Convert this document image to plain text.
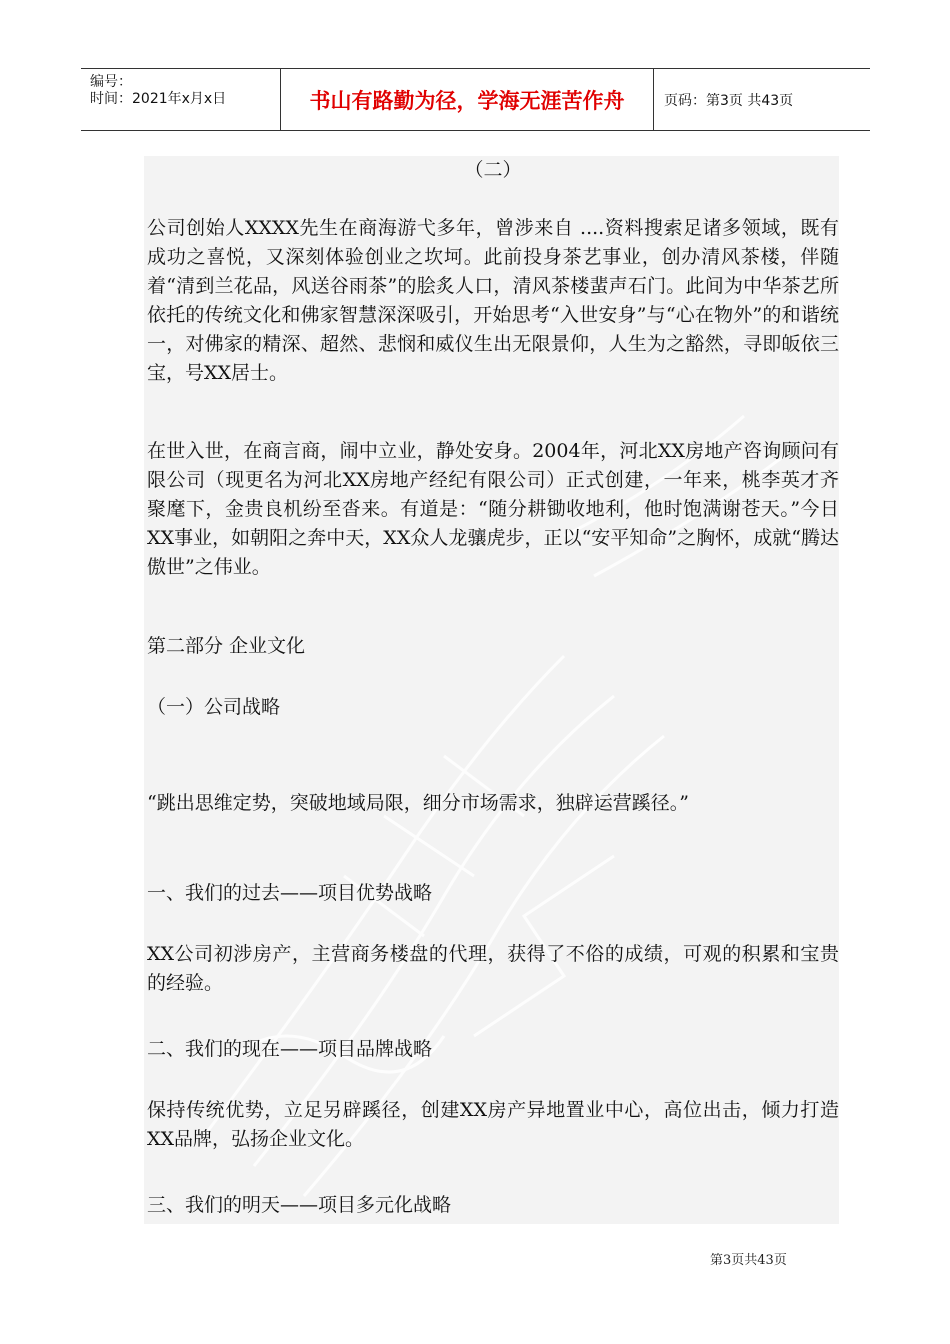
编号：
时间：2021年x月x日	书山有路勤为径，学海无涯苦作舟	页码：第3页 共43页
（二）
公司创始人XXXX先生在商海游弋多年，曾涉来自 ....资料搜索足诸多领域，既有成功之喜悦，又深刻体验创业之坎坷。此前投身茶艺事业，创办清风茶楼，伴随着“清到兰花品，风送谷雨茶”的脍炙人口，清风茶楼蜚声石门。此间为中华茶艺所依托的传统文化和佛家智慧深深吸引，开始思考“入世安身”与“心在物外”的和谐统一，对佛家的精深、超然、悲悯和威仪生出无限景仰，人生为之豁然，寻即皈依三宝，号XX居士。
在世入世，在商言商，闹中立业，静处安身。2004年，河北XX房地产咨询顾问有限公司（现更名为河北XX房地产经纪有限公司）正式创建，一年来，桃李英才齐聚麾下，金贵良机纷至沓来。有道是：“随分耕锄收地利，他时饱满谢苍天。”今日XX事业，如朝阳之奔中天，XX众人龙骧虎步，正以“安平知命”之胸怀，成就“腾达傲世”之伟业。
第二部分 企业文化
（一）公司战略
“跳出思维定势，突破地域局限，细分市场需求，独辟运营蹊径。”
一、我们的过去——项目优势战略
XX公司初涉房产，主营商务楼盘的代理，获得了不俗的成绩，可观的积累和宝贵的经验。
二、我们的现在——项目品牌战略
保持传统优势，立足另辟蹊径，创建XX房产异地置业中心，高位出击，倾力打造XX品牌，弘扬企业文化。
三、我们的明天——项目多元化战略
第3页共43页
